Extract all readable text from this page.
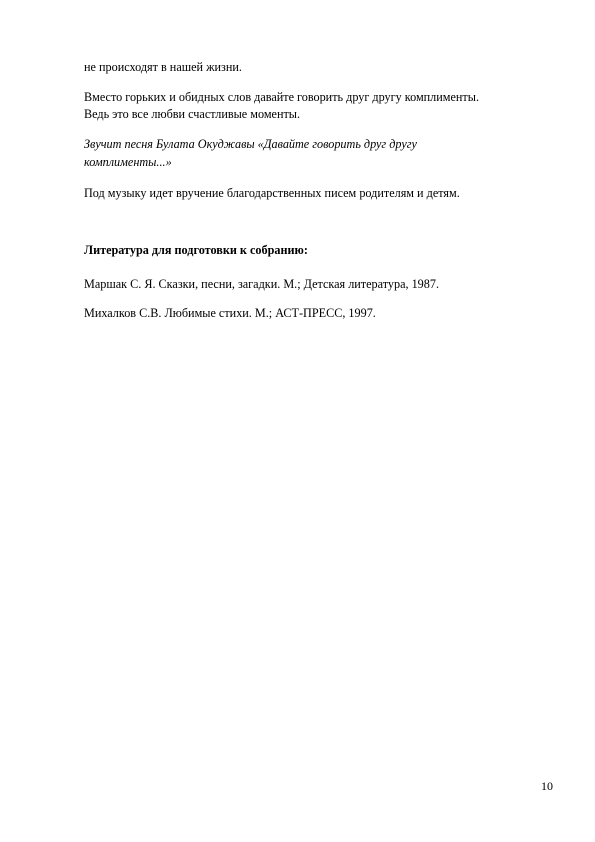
не происходят в нашей жизни.
Вместо горьких и обидных слов давайте говорить друг другу комплименты.
Ведь это все любви счастливые моменты.
Звучит песня Булата Окуджавы «Давайте говорить друг другу
комплименты...»
Под музыку идет вручение благодарственных писем родителям и детям.
Литература для подготовки к собранию:
Маршак С. Я. Сказки, песни, загадки. М.; Детская литература, 1987.
Михалков С.В. Любимые стихи. М.; АСТ-ПРЕСС, 1997.
10
